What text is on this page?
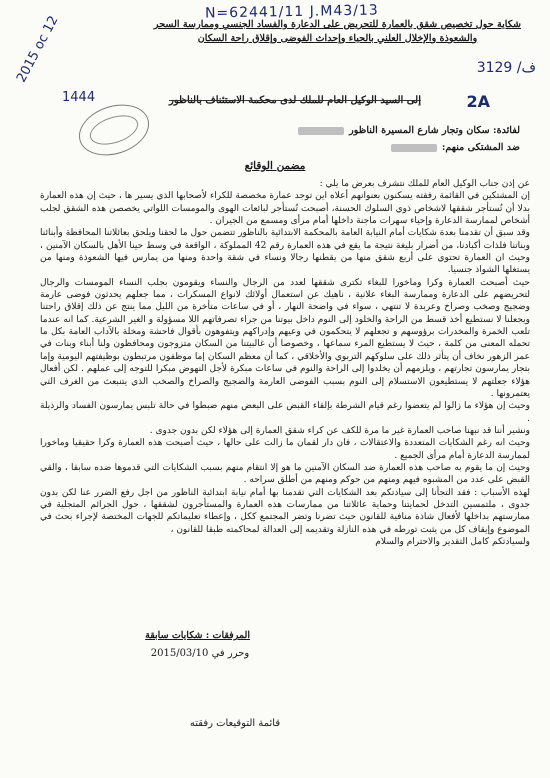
N=62441/11 J.M43/13
2015 oc 12	3129 /ف
1444	2A
شكاية حول تخصيص شقق بالعمارة للتحريض على الدعارة والفساد الجنسي وممارسة السحر والشعوذة والإخلال العلني بالحياء وإحداث الفوضى وإقلاق راحة السكان
إلى السيد الوكيل العام للملك لدى محكمة الاستئناف بالناظور
لفائدة: سكان وتجار شارع المسيرة الناظور
ضد المشتكى منهم:
مضمن الوقائع

عن إذن جناب الوكيل العام للملك نتشرف بعرض ما يلي :

إن المشتكين في القائمة رفقته يسكنون بعنوانهم أعلاه اين توجد عمارة مخصصة للكراء لأصحابها الذي يسير ها ، حيث إن هذه العمارة بدلا أن تُستأجر شققها لاشخاص ذوي السلوك الحسنة، أصبحت تُستأجر لبائعات الهوى والمومسات اللواتي يخصصن هذه الشقق لجلب أشخاص لممارسة الدعارة وإحياء سهرات ماجنة داخلها أمام مرأى ومسمع من الجيران .

وقد سبق أن تقدمنا بعدة شكايات أمام النيابة العامة بالمحكمة الابتدائية بالناظور تتضمن حول ما لحقنا ويلحق بعائلاتنا المحافظة وأبنائنا وبناتنا فلذات أكبادنا، من أضرار بليغة نتيجة ما يقع في هذه العمارة رقم 42 المملوكة ، الواقعة في وسط حينا الأهل بالسكان الآمنين ، وحيث ان العمارة تحتوي على أربع شقق منها من يقطنها رجالا ونساء في شقة واحدة ومنها من يمارس فيها الشعوذة ومنها من يستغلها الشواذ جنسيا.

حيث أصبحت العمارة وكرا وماخورا للبغاء تكترى شققها لعدد من الرجال والنساء ويقومون بجلب النساء المومسات والرجال لتحريضهم على الدعارة وممارسة البغاء علانية ، ناهيك عن استعمال أولائك لانواع المسكرات ، مما جعلهم يحدثون فوضى عارمة وضجيج وصخب وصراخ وعربدة لا تنتهي ، سواء في واضحة النهار ، أو في ساعات متأخرة من الليل مما ينتج عن ذلك إقلاق راحتنا ويجعلنا لا نستطيع أخذ قسط من الراحة والخلود إلى النوم داخل بيوتنا من جراء تصرفاتهم اللا مسؤولة و الغير الشرعية. كما انه عندما تلعب الخمرة والمخدرات برؤوسهم و تجعلهم لا يتحكمون في وعيهم وإدراكهم ويتفوهون بأقوال فاحشة ومخلة بالآداب العامة بكل ما تحمله المعنى من كلمة ، حيث لا يستطيع المرء سماعها ، وخصوصا أن غالبيتنا من السكان متزوجون ومحافظون ولنا أبناء وبنات في عمر الزهور نخاف أن يتأثر ذلك على سلوكهم التربوي والأخلاقي ، كما أن معظم السكان إما موظفون مرتبطون بوظيفتهم اليومية وإما بتجار يمارسون تجارتهم ، ويلزمهم أن يخلدوا إلى الراحة والنوم في ساعات مبكرة لأجل النهوض مبكرا للتوجه إلى عملهم . لكن أفعال هؤلاء جعلتهم لا يستطيعون الاستسلام إلى النوم بسبب الفوضى العارمة والضجيج والصراخ والصخب الذي يتنبعث من الغرف التي يعتمرونها .

وحيث إن هؤلاء ما زالوا لم يتعضوا رغم قيام الشرطة بإلقاء القبض على البعض منهم ضبطوا في حالة تلبس يمارسون الفساد والرذيلة .

ونشير أننا قد نبهنا صاحب العمارة غير ما مرة للكف عن كراء شقق العمارة إلى هؤلاء لكن بدون جدوى .

وحيث انه رغم الشكايات المتعددة والاعتقالات ، فان دار لقمان ما زالت على حالها ، حيث أصبحت هذه العمارة وكرا حقيقيا وماخورا لممارسة الدعارة أمام مرأى الجميع .

وحيث إن ما يقوم به صاحب هذه العمارة ضد السكان الآمنين ما هو إلا انتقام منهم بسبب الشكايات التي قدموها ضده سابقا ، والقي القبض على عدد من المشبوه فيهم ومنهم من حوكم ومنهم من أطلق سراحه .

لهذه الأسباب : فقد التجأنا إلى سيادتكم بعد الشكايات التي تقدمنا بها أمام نيابة ابتدائية الناظور من اجل رفع الضرر عنا لكن بدون جدوى ، ملتمسين التدخل لحمايتنا وحماية عائلاتنا من ممارسات هذه العمارة والمستأجرون لشققها ، حول الجرائم المتجلية في ممارستهم بداخلها لأفعال شاذة منافية للقانون حيث تضرنا وتضر المجتمع ككل ، وإعطاء تعليماتكم للجهات المختصة لإجراء بحث في الموضوع وإيقاف كل من يثبت تورطه في هذه النازلة وتقديمه إلى العدالة لمحاكمته طبقا للقانون ،

ولسيادتكم كامل التقدير والاحترام والسلام

المرفقات : شكايات سابقة
وحرر في 2015/03/10
قائمة التوقيعات رفقته
